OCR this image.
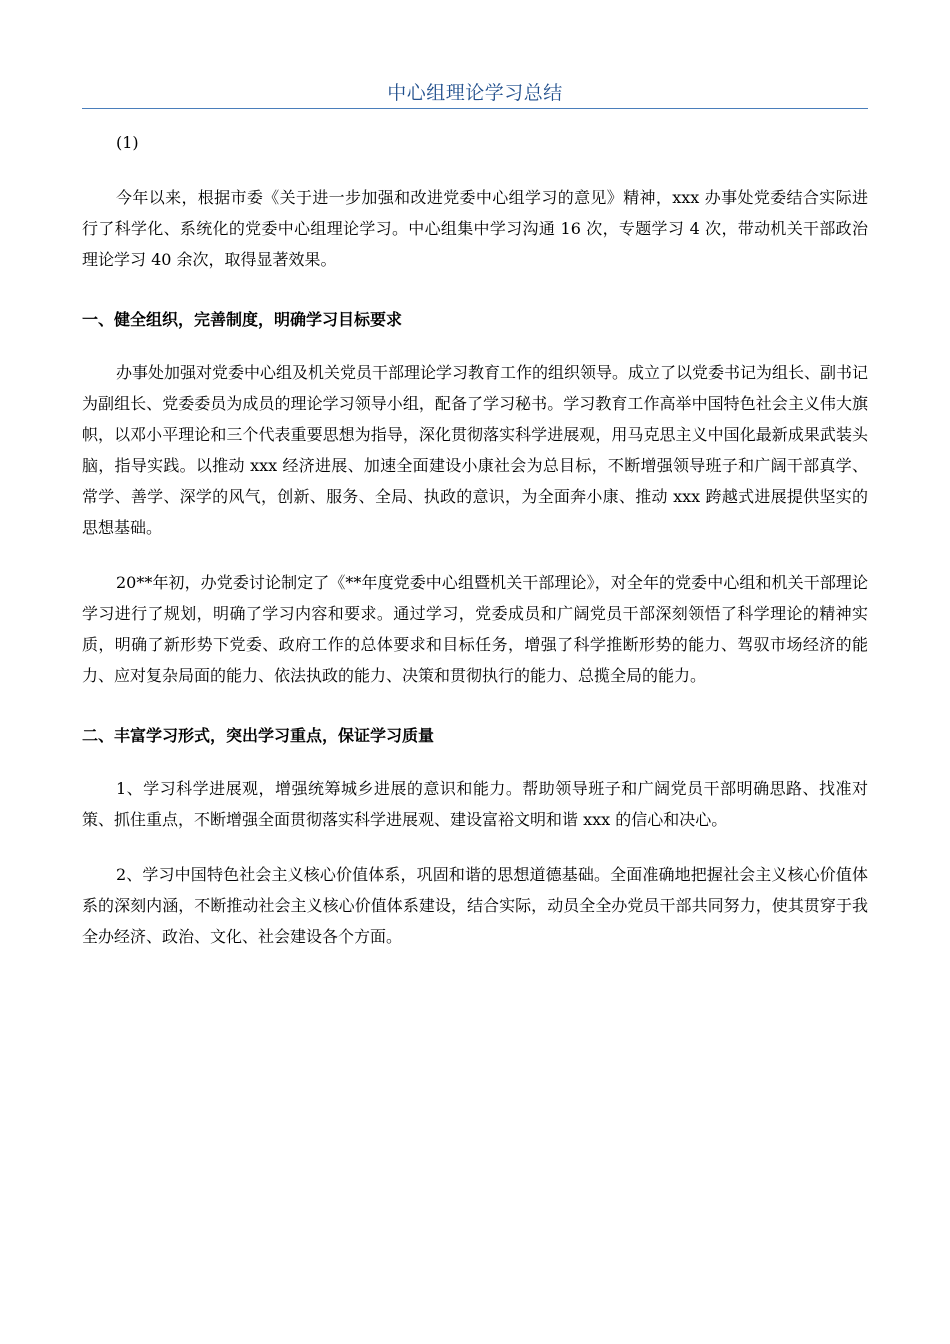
中心组理论学习总结

(1)

今年以来，根据市委《关于进一步加强和改进党委中心组学习的意见》精神，xxx 办事处党委结合实际进行了科学化、系统化的党委中心组理论学习。中心组集中学习沟通 16 次，专题学习 4 次，带动机关干部政治理论学习 40 余次，取得显著效果。

一、健全组织，完善制度，明确学习目标要求

办事处加强对党委中心组及机关党员干部理论学习教育工作的组织领导。成立了以党委书记为组长、副书记为副组长、党委委员为成员的理论学习领导小组，配备了学习秘书。学习教育工作高举中国特色社会主义伟大旗帜，以邓小平理论和三个代表重要思想为指导，深化贯彻落实科学进展观，用马克思主义中国化最新成果武装头脑，指导实践。以推动 xxx 经济进展、加速全面建设小康社会为总目标，不断增强领导班子和广阔干部真学、常学、善学、深学的风气，创新、服务、全局、执政的意识，为全面奔小康、推动 xxx 跨越式进展提供坚实的思想基础。

20**年初，办党委讨论制定了《**年度党委中心组暨机关干部理论》，对全年的党委中心组和机关干部理论学习进行了规划，明确了学习内容和要求。通过学习，党委成员和广阔党员干部深刻领悟了科学理论的精神实质，明确了新形势下党委、政府工作的总体要求和目标任务，增强了科学推断形势的能力、驾驭市场经济的能力、应对复杂局面的能力、依法执政的能力、决策和贯彻执行的能力、总揽全局的能力。

二、丰富学习形式，突出学习重点，保证学习质量

1、学习科学进展观，增强统筹城乡进展的意识和能力。帮助领导班子和广阔党员干部明确思路、找准对策、抓住重点，不断增强全面贯彻落实科学进展观、建设富裕文明和谐 xxx 的信心和决心。

2、学习中国特色社会主义核心价值体系，巩固和谐的思想道德基础。全面准确地把握社会主义核心价值体系的深刻内涵，不断推动社会主义核心价值体系建设，结合实际，动员全全办党员干部共同努力，使其贯穿于我全办经济、政治、文化、社会建设各个方面。
